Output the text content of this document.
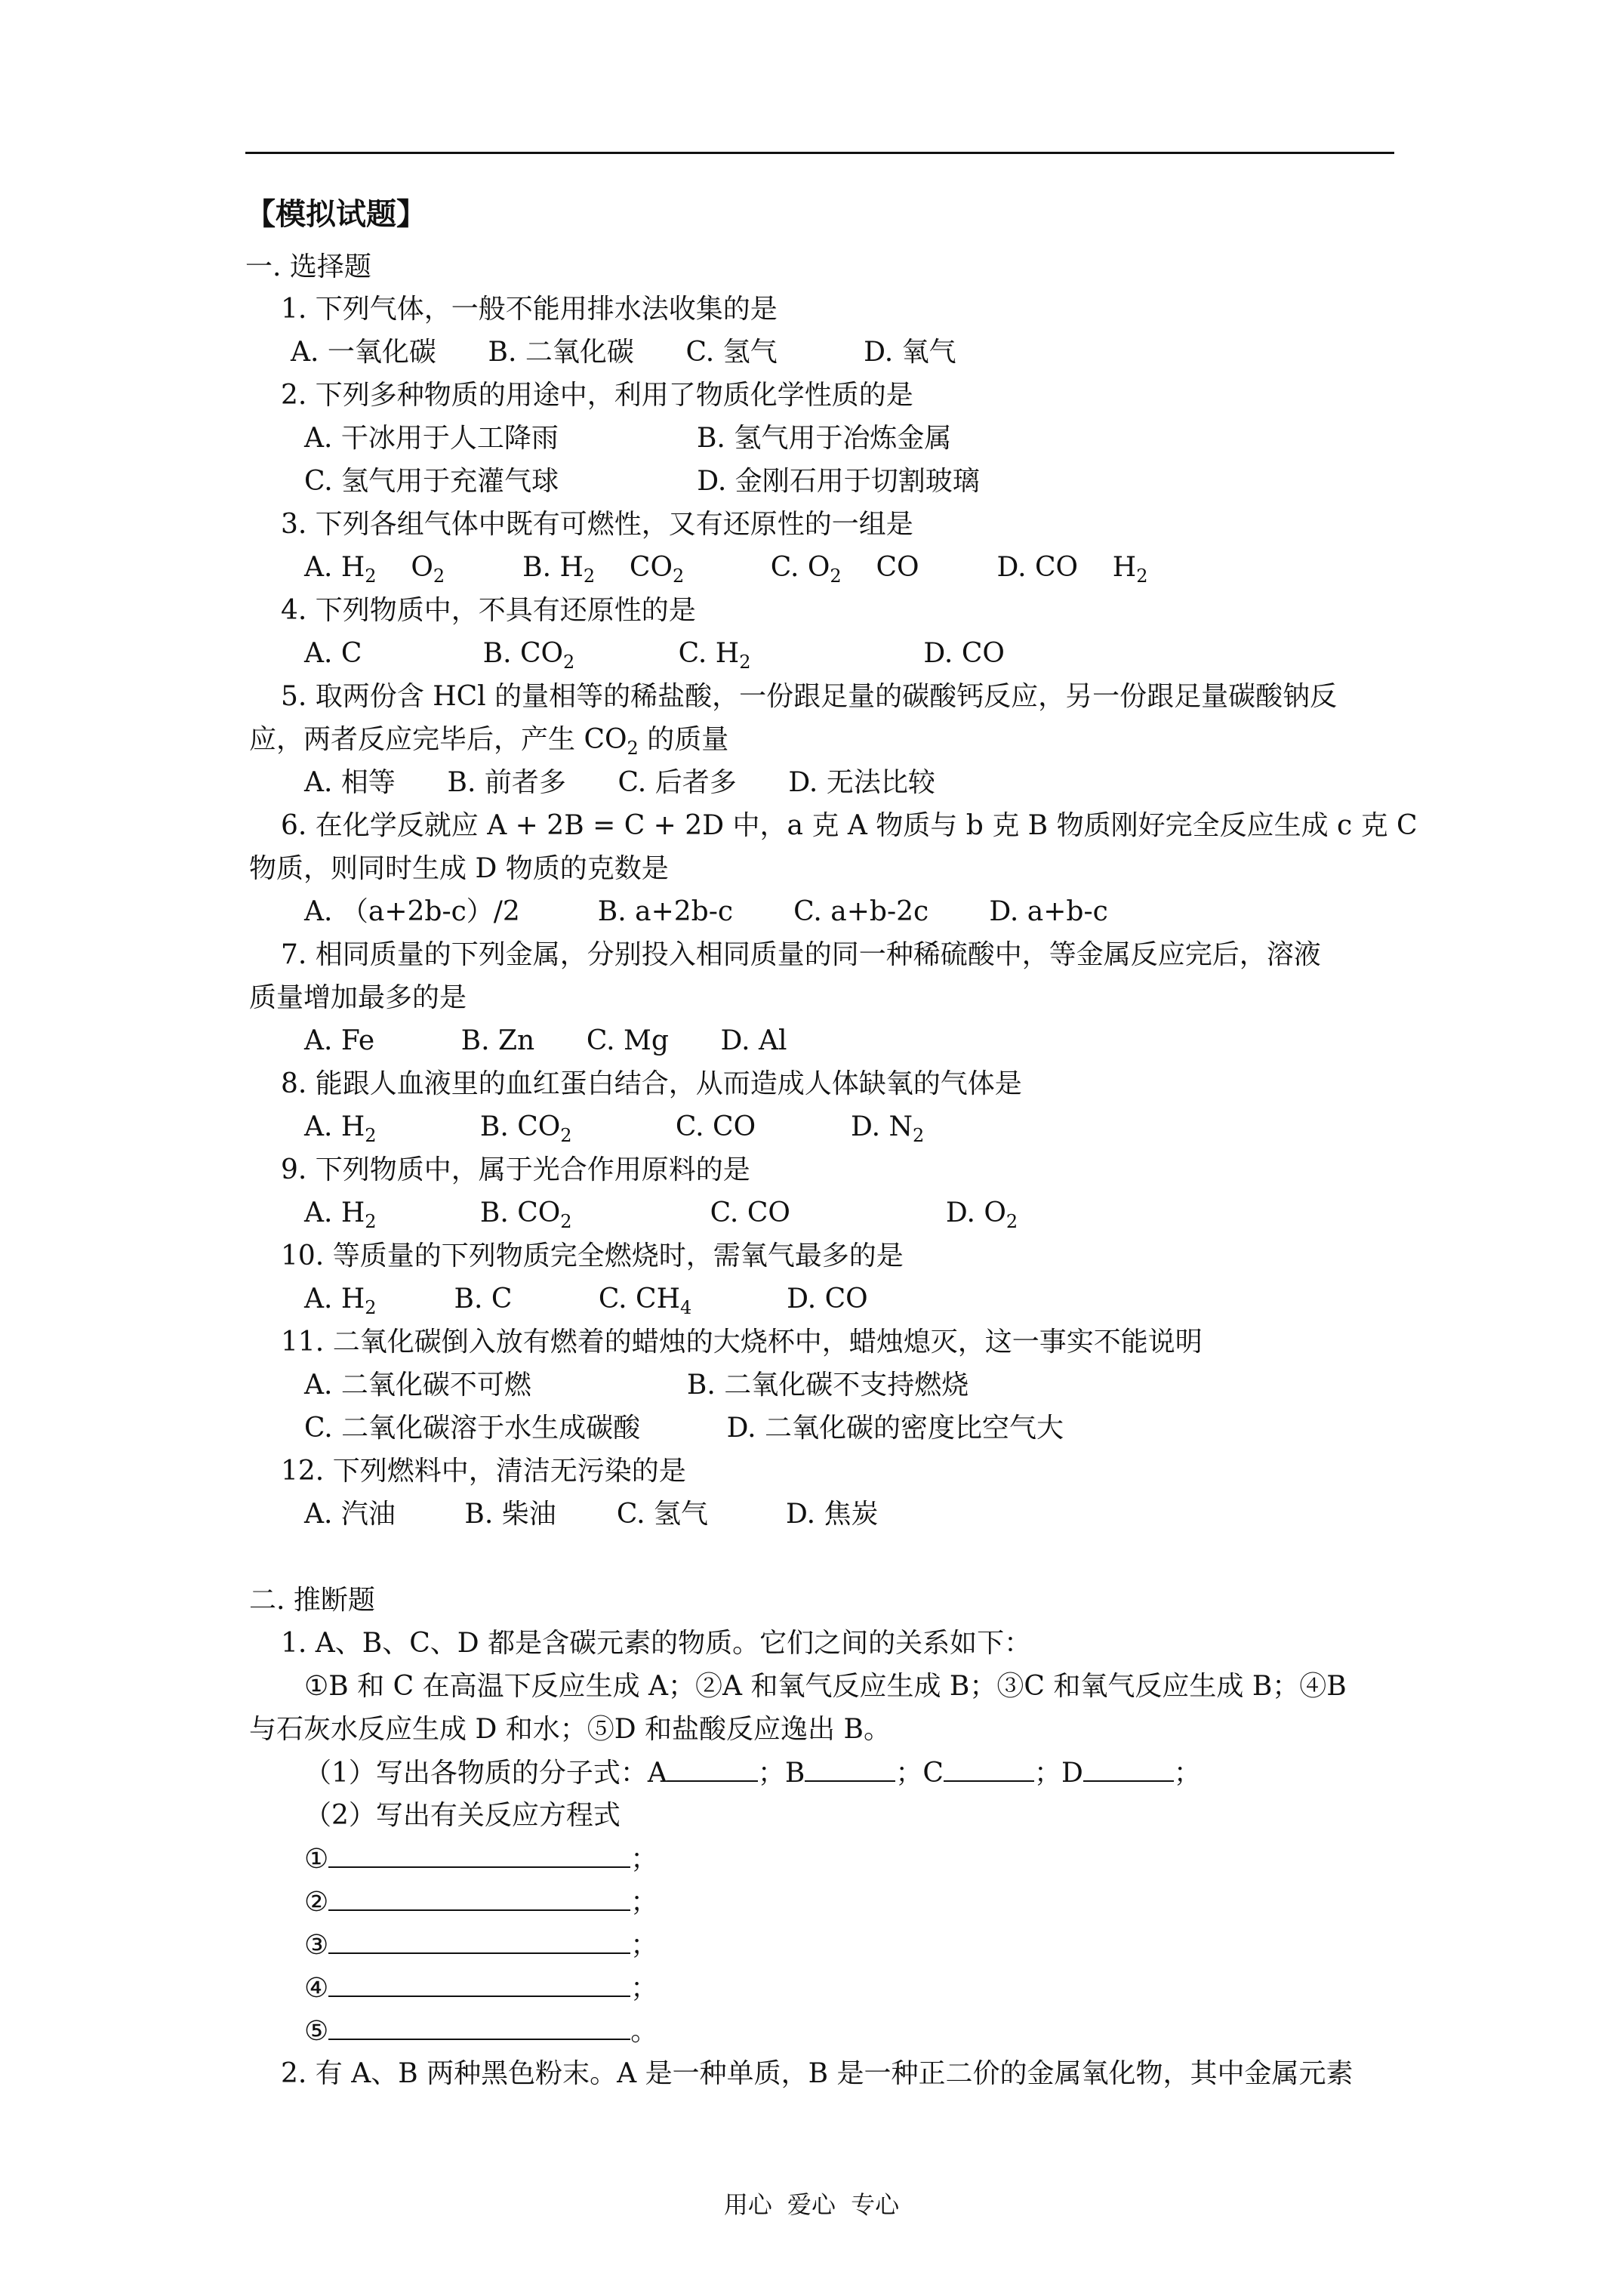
【模拟试题】
一. 选择题
1. 下列气体，一般不能用排水法收集的是
A. 一氧化碳      B. 二氧化碳      C. 氢气          D. 氧气
2. 下列多种物质的用途中，利用了物质化学性质的是
A. 干冰用于人工降雨                B. 氢气用于冶炼金属
C. 氢气用于充灌气球                D. 金刚石用于切割玻璃
3. 下列各组气体中既有可燃性，又有还原性的一组是
A. $H_2$    $O_2$         B. $H_2$    $CO_2$          C. $O_2$    CO         D. CO    $H_2$
4. 下列物质中，不具有还原性的是
A. C              B. $CO_2$            C. $H_2$                    D. CO
5. 取两份含 HCl 的量相等的稀盐酸，一份跟足量的碳酸钙反应，另一份跟足量碳酸钠反
应，两者反应完毕后，产生 $CO_2$ 的质量
A. 相等      B. 前者多      C. 后者多      D. 无法比较
6. 在化学反就应 A + 2B = C + 2D 中，a 克 A 物质与 b 克 B 物质刚好完全反应生成 c 克 C
物质，则同时生成 D 物质的克数是
A. （a+2b-c）/2         B. a+2b-c       C. a+b-2c       D. a+b-c
7. 相同质量的下列金属，分别投入相同质量的同一种稀硫酸中，等金属反应完后，溶液
质量增加最多的是
A. Fe          B. Zn      C. Mg      D. Al
8. 能跟人血液里的血红蛋白结合，从而造成人体缺氧的气体是
A. $H_2$            B. $CO_2$            C. CO           D. $N_2$
9. 下列物质中，属于光合作用原料的是
A. $H_2$            B. $CO_2$                C. CO                  D. $O_2$
10. 等质量的下列物质完全燃烧时，需氧气最多的是
A. $H_2$         B. C          C. $CH_4$           D. CO
11. 二氧化碳倒入放有燃着的蜡烛的大烧杯中，蜡烛熄灭，这一事实不能说明
A. 二氧化碳不可燃                  B. 二氧化碳不支持燃烧
C. 二氧化碳溶于水生成碳酸          D. 二氧化碳的密度比空气大
12. 下列燃料中，清洁无污染的是
A. 汽油        B. 柴油       C. 氢气         D. 焦炭
二. 推断题
1. A、B、C、D 都是含碳元素的物质。它们之间的关系如下：
①B 和 C 在高温下反应生成 A；②A 和氧气反应生成 B；③C 和氧气反应生成 B；④B
与石灰水反应生成 D 和水；⑤D 和盐酸反应逸出 B。
（1）写出各物质的分子式：A	；B	；C	；D	；
（2）写出有关反应方程式
①	；
②	；
③	；
④	；
⑤	。
2. 有 A、B 两种黑色粉末。A 是一种单质，B 是一种正二价的金属氧化物，其中金属元素
用心 爱心 专心
